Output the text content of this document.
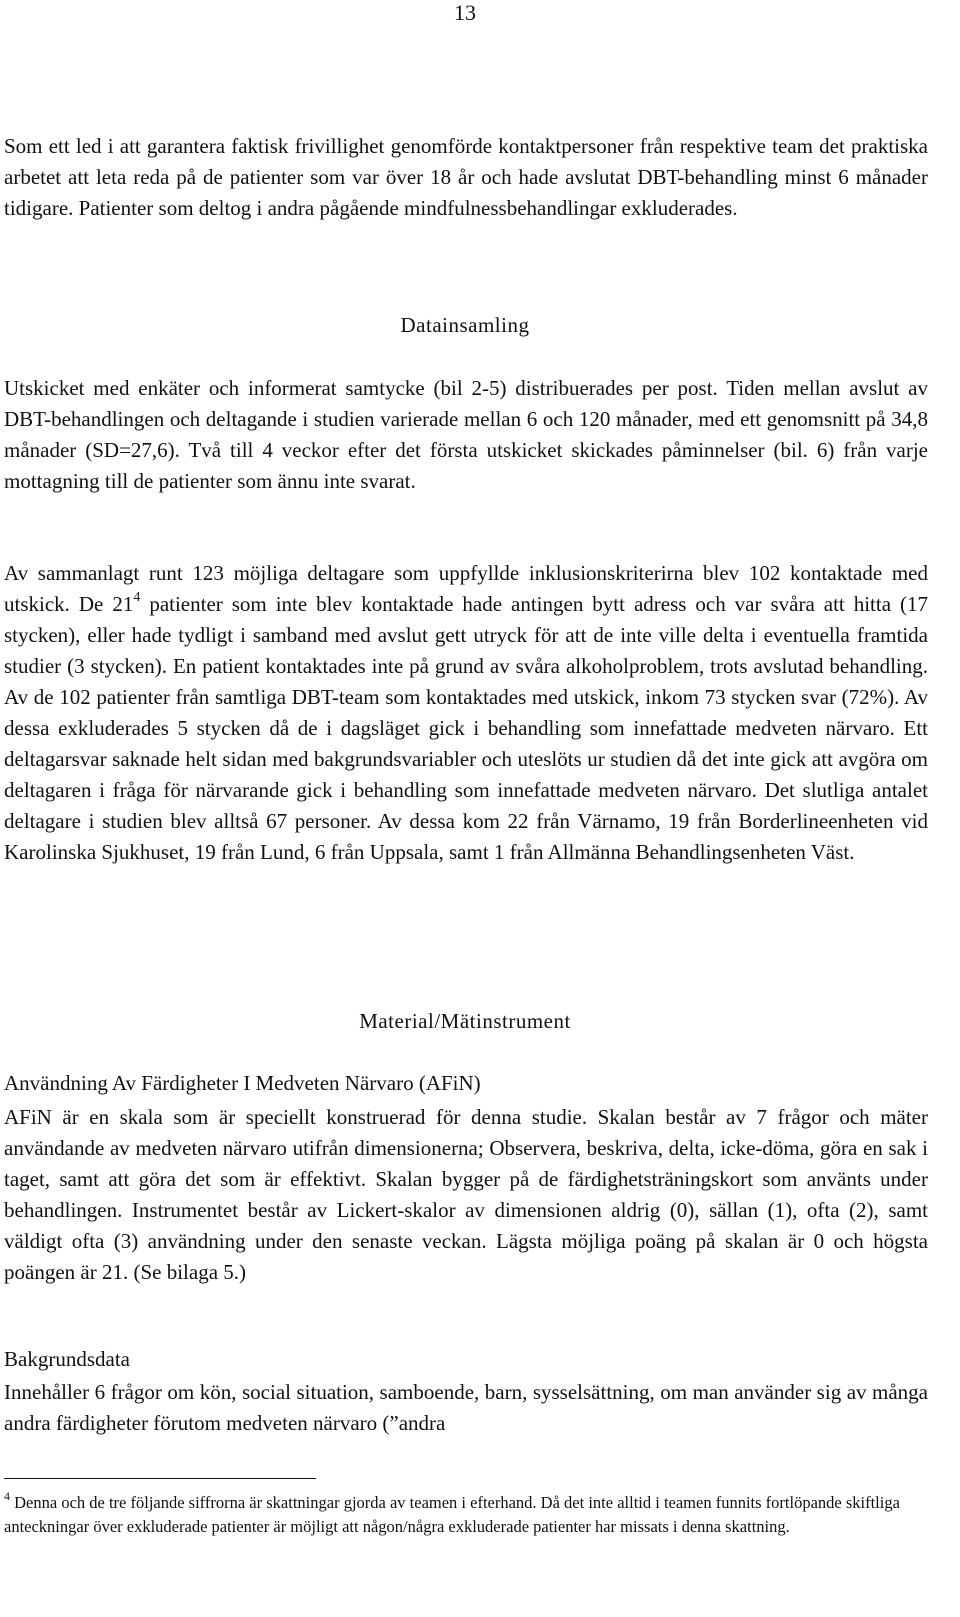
13

Som ett led i att garantera faktisk frivillighet genomförde kontaktpersoner från respektive team det praktiska arbetet att leta reda på de patienter som var över 18 år och hade avslutat DBT-behandling minst 6 månader tidigare. Patienter som deltog i andra pågående mindfulnessbehandlingar exkluderades.

Datainsamling

Utskicket med enkäter och informerat samtycke (bil 2-5) distribuerades per post. Tiden mellan avslut av DBT-behandlingen och deltagande i studien varierade mellan 6 och 120 månader, med ett genomsnitt på 34,8 månader (SD=27,6). Två till 4 veckor efter det första utskicket skickades påminnelser (bil. 6) från varje mottagning till de patienter som ännu inte svarat.

Av sammanlagt runt 123 möjliga deltagare som uppfyllde inklusionskriterirna blev 102 kontaktade med utskick. De $21^4$ patienter som inte blev kontaktade hade antingen bytt adress och var svåra att hitta (17 stycken), eller hade tydligt i samband med avslut gett utryck för att de inte ville delta i eventuella framtida studier (3 stycken). En patient kontaktades inte på grund av svåra alkoholproblem, trots avslutad behandling. Av de 102 patienter från samtliga DBT-team som kontaktades med utskick, inkom 73 stycken svar (72%). Av dessa exkluderades 5 stycken då de i dagsläget gick i behandling som innefattade medveten närvaro. Ett deltagarsvar saknade helt sidan med bakgrundsvariabler och uteslöts ur studien då det inte gick att avgöra om deltagaren i fråga för närvarande gick i behandling som innefattade medveten närvaro. Det slutliga antalet deltagare i studien blev alltså 67 personer. Av dessa kom 22 från Värnamo, 19 från Borderlineenheten vid Karolinska Sjukhuset, 19 från Lund, 6 från Uppsala, samt 1 från Allmänna Behandlingsenheten Väst.

Material/Mätinstrument
Användning Av Färdigheter I Medveten Närvaro (AFiN)

AFiN är en skala som är speciellt konstruerad för denna studie. Skalan består av 7 frågor och mäter användande av medveten närvaro utifrån dimensionerna; Observera, beskriva, delta, icke-döma, göra en sak i taget, samt att göra det som är effektivt. Skalan bygger på de färdighetsträningskort som använts under behandlingen. Instrumentet består av Lickert-skalor av dimensionen aldrig (0), sällan (1), ofta (2), samt väldigt ofta (3) användning under den senaste veckan. Lägsta möjliga poäng på skalan är 0 och högsta poängen är 21. (Se bilaga 5.)

Bakgrundsdata

Innehåller 6 frågor om kön, social situation, samboende, barn, sysselsättning, om man använder sig av många andra färdigheter förutom medveten närvaro (”andra

$^4$ Denna och de tre följande siffrorna är skattningar gjorda av teamen i efterhand. Då det inte alltid i teamen funnits fortlöpande skiftliga anteckningar över exkluderade patienter är möjligt att någon/några exkluderade patienter har missats i denna skattning.
